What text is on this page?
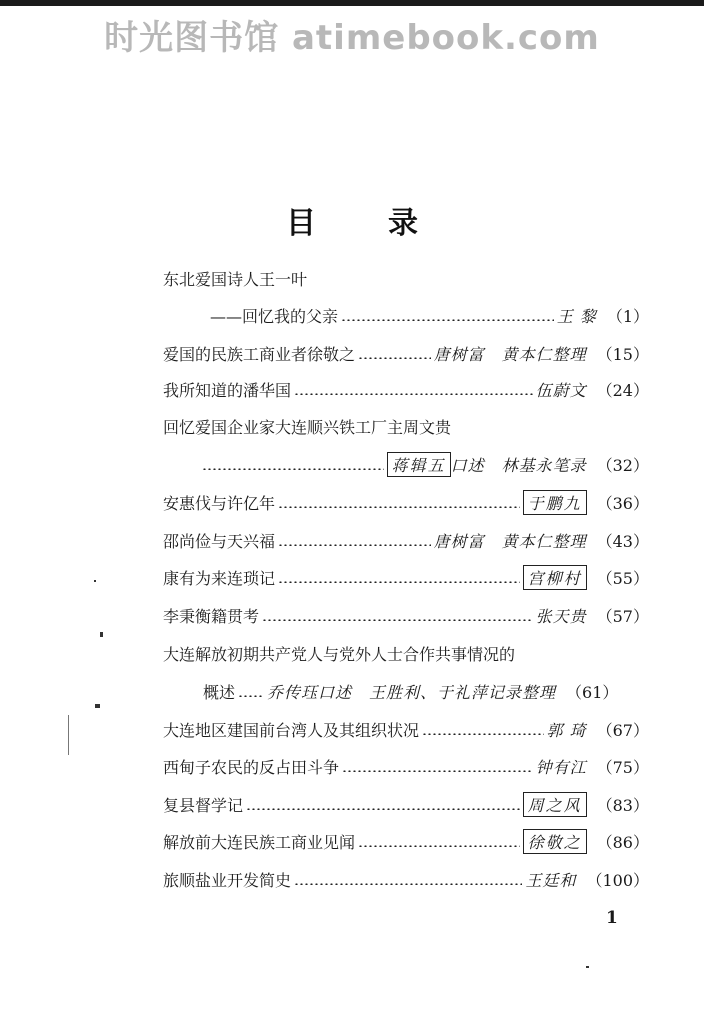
时光图书馆 atimebook.com
目录
东北爱国诗人王一叶
——回忆我的父亲	王 黎 （1）
爱国的民族工商业者徐敬之	唐树富　黄本仁整理 （15）
我所知道的潘华国	伍蔚文 （24）
回忆爱国企业家大连顺兴铁工厂主周文贵
蒋辑五 口述　林基永笔录 （32）
安惠伐与许亿年	于鹏九 （36）
邵尚俭与天兴福	唐树富　黄本仁整理 （43）
康有为来连琐记	宫柳村 （55）
李秉衡籍贯考	张天贵 （57）
大连解放初期共产党人与党外人士合作共事情况的
概述 乔传珏口述　王胜利、于礼萍记录整理 （61）
大连地区建国前台湾人及其组织状况	郭 琦 （67）
西甸子农民的反占田斗争	钟有江 （75）
复县督学记	周之风 （83）
解放前大连民族工商业见闻	徐敬之 （86）
旅顺盐业开发简史	王廷和 （100）
1
